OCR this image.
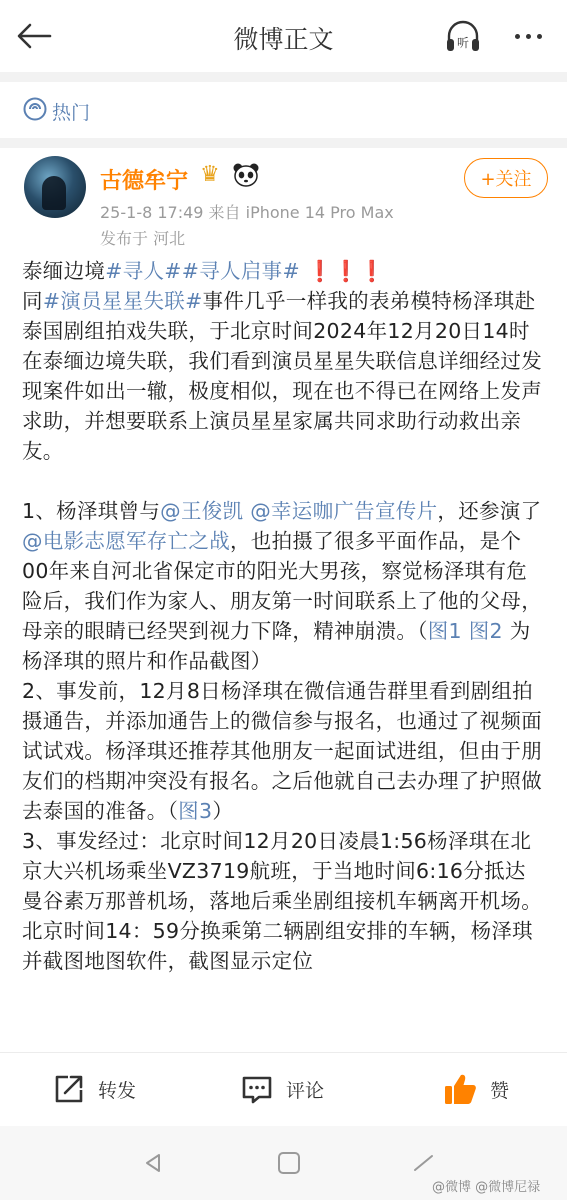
微博正文	听
热门
古德牟宁 ♛
25-1-8 17:49 来自 iPhone 14 Pro Max
发布于 河北
+关注

泰缅边境#寻人##寻人启事# ❗❗❗

同#演员星星失联#事件几乎一样我的表弟模特杨泽琪赴泰国剧组拍戏失联，于北京时间2024年12月20日14时在泰缅边境失联，我们看到演员星星失联信息详细经过发现案件如出一辙，极度相似，现在也不得已在网络上发声求助，并想要联系上演员星星家属共同求助行动救出亲友。

1、杨泽琪曾与@王俊凯 @幸运咖广告宣传片，还参演了@电影志愿军存亡之战，也拍摄了很多平面作品，是个00年来自河北省保定市的阳光大男孩，察觉杨泽琪有危险后，我们作为家人、朋友第一时间联系上了他的父母，母亲的眼睛已经哭到视力下降，精神崩溃。（图1 图2 为杨泽琪的照片和作品截图）

2、事发前，12月8日杨泽琪在微信通告群里看到剧组拍摄通告，并添加通告上的微信参与报名，也通过了视频面试试戏。杨泽琪还推荐其他朋友一起面试进组，但由于朋友们的档期冲突没有报名。之后他就自己去办理了护照做去泰国的准备。（图3）

3、事发经过：北京时间12月20日凌晨1:56杨泽琪在北京大兴机场乘坐VZ3719航班，于当地时间6:16分抵达曼谷素万那普机场，落地后乘坐剧组接机车辆离开机场。北京时间14：59分换乘第二辆剧组安排的车辆，杨泽琪并截图地图软件，截图显示定位

转发	评论	赞
@微博 @微博尼禄
